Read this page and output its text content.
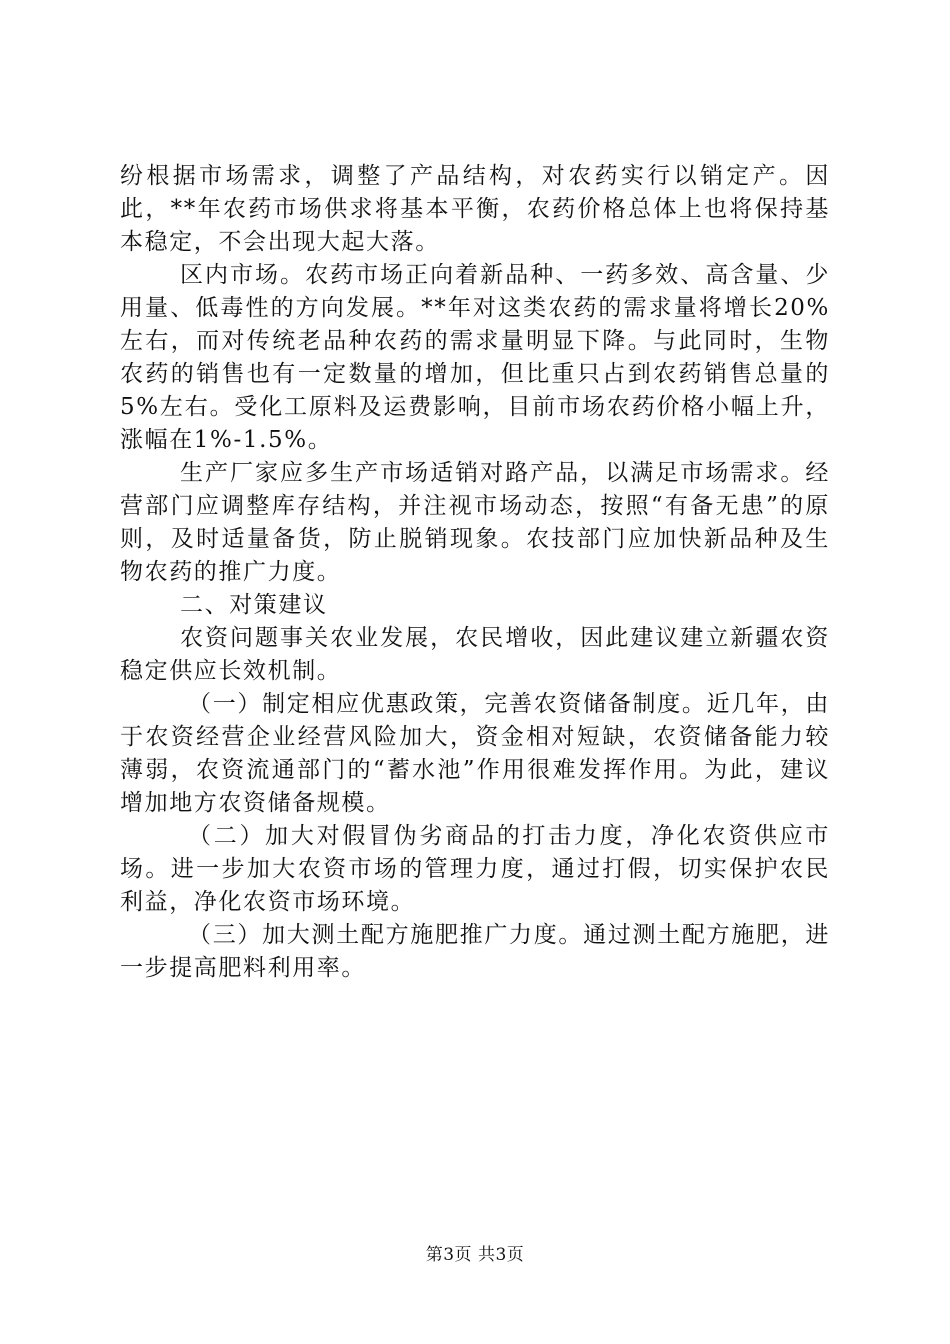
纷根据市场需求，调整了产品结构，对农药实行以销定产。因此，**年农药市场供求将基本平衡，农药价格总体上也将保持基本稳定，不会出现大起大落。

区内市场。农药市场正向着新品种、一药多效、高含量、少用量、低毒性的方向发展。**年对这类农药的需求量将增长20%左右，而对传统老品种农药的需求量明显下降。与此同时，生物农药的销售也有一定数量的增加，但比重只占到农药销售总量的5%左右。受化工原料及运费影响，目前市场农药价格小幅上升，涨幅在1%-1.5%。

生产厂家应多生产市场适销对路产品，以满足市场需求。经营部门应调整库存结构，并注视市场动态，按照“有备无患”的原则，及时适量备货，防止脱销现象。农技部门应加快新品种及生物农药的推广力度。

二、对策建议

农资问题事关农业发展，农民增收，因此建议建立新疆农资稳定供应长效机制。

（一）制定相应优惠政策，完善农资储备制度。近几年，由于农资经营企业经营风险加大，资金相对短缺，农资储备能力较薄弱，农资流通部门的“蓄水池”作用很难发挥作用。为此，建议增加地方农资储备规模。

（二）加大对假冒伪劣商品的打击力度，净化农资供应市场。进一步加大农资市场的管理力度，通过打假，切实保护农民利益，净化农资市场环境。

（三）加大测土配方施肥推广力度。通过测土配方施肥，进一步提高肥料利用率。

第3页 共3页
